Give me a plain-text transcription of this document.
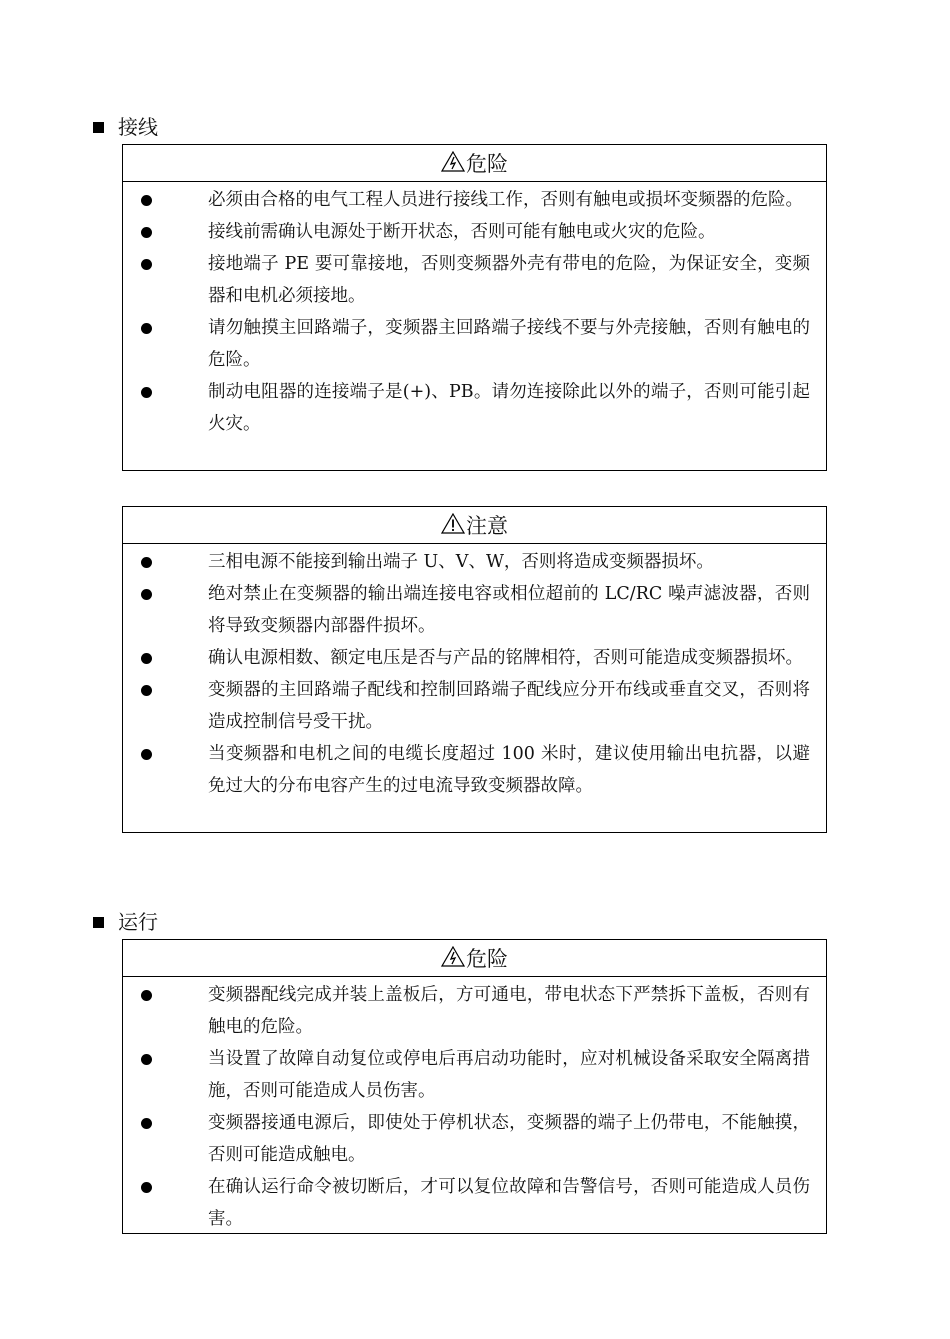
接线
危险
必须由合格的电气工程人员进行接线工作，否则有触电或损坏变频器的危险。
接线前需确认电源处于断开状态，否则可能有触电或火灾的危险。
接地端子 PE 要可靠接地，否则变频器外壳有带电的危险，为保证安全，变频器和电机必须接地。
请勿触摸主回路端子，变频器主回路端子接线不要与外壳接触，否则有触电的危险。
制动电阻器的连接端子是(+)、PB。请勿连接除此以外的端子，否则可能引起火灾。
注意
三相电源不能接到输出端子 U、V、W，否则将造成变频器损坏。
绝对禁止在变频器的输出端连接电容或相位超前的 LC/RC 噪声滤波器，否则将导致变频器内部器件损坏。
确认电源相数、额定电压是否与产品的铭牌相符，否则可能造成变频器损坏。
变频器的主回路端子配线和控制回路端子配线应分开布线或垂直交叉，否则将造成控制信号受干扰。
当变频器和电机之间的电缆长度超过 100 米时，建议使用输出电抗器，以避免过大的分布电容产生的过电流导致变频器故障。
运行
危险
变频器配线完成并装上盖板后，方可通电，带电状态下严禁拆下盖板，否则有触电的危险。
当设置了故障自动复位或停电后再启动功能时，应对机械设备采取安全隔离措施，否则可能造成人员伤害。
变频器接通电源后，即使处于停机状态，变频器的端子上仍带电，不能触摸，否则可能造成触电。
在确认运行命令被切断后，才可以复位故障和告警信号，否则可能造成人员伤害。
